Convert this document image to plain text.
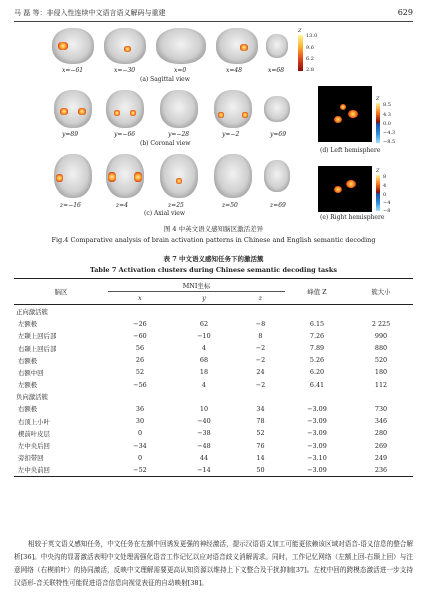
马 磊 等：非侵入性连续中文语言语义解码与重建	629
x=−61	x=−30	x=0	x=48	x=68
(a) Sagittal view
Z
13.0
9.6
6.2
2.8
y=89	y=−66	y=−28	y=−2	y=69
(b) Coronal view
z=−16	z=4	z=25	z=50	z=69
(c) Axial view
Z
8.5
4.3
0.0
−4.3
−8.5
(d) Left hemisphere
Z
8
4
0
−4
−8
(e) Right hemisphere
图 4 中英文语义感知脑区激活差异
Fig.4 Comparative analysis of brain activation patterns in Chinese and English semantic decoding
表 7 中文语义感知任务下的激活簇
Table 7 Activation clusters during Chinese semantic decoding tasks
脑区	MNI坐标			峰值 Z	簇大小
	x	y	z		
正向激活簇					
左额极	−26	62	−8	6.15	2 225
左颞上回后部	−60	−10	8	7.26	990
右颞上回后部	56	4	−2	7.89	880
右额极	26	68	−2	5.26	520
右额中回	52	18	24	6.20	180
左额极	−56	4	−2	6.41	112
负向激活簇					
右额极	36	10	34	−3.09	730
右顶上小叶	30	−40	78	−3.09	346
楔前叶皮层	0	−38	52	−3.09	280
左中央后回	−34	−48	76	−3.09	269
旁扣带回	0	44	14	−3.10	249
左中央前回	−52	−14	50	−3.09	236
相较于英文语义感知任务，中文任务在左额中回诱发更强的神经激活，提示汉语语义加工可能更依赖该区域对语音-语义信息的整合解析[36]。中央沟的显著激活表明中文处理需强化语音工作记忆以应对语音歧义消解需求。同时，工作记忆网络（左额上回-右颞上回）与注意网络（右楔前叶）的协同激活，反映中文理解需要更高认知资源以维持上下文整合及干扰抑制[37]。左枕中回的跨模态激活进一步支持汉语形-音关联特性可能促进语音信息向视觉表征的自动映射[38]。
